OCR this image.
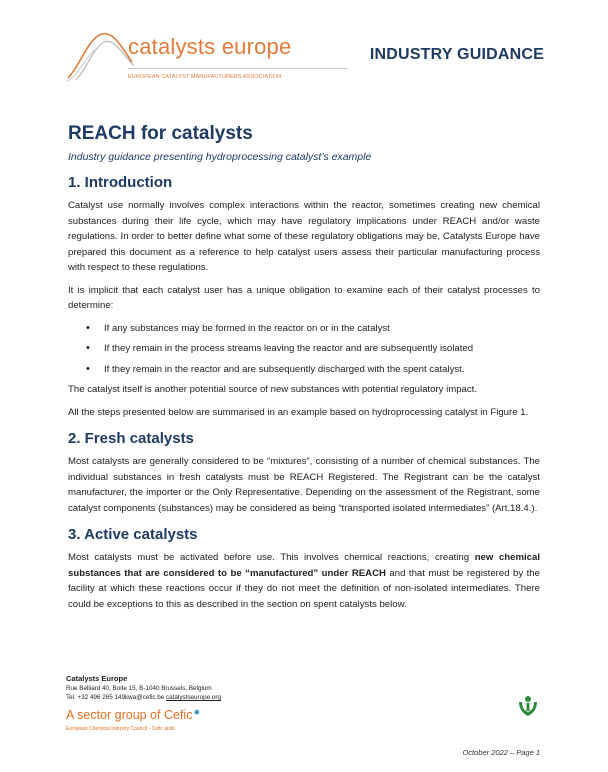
catalysts europe
EUROPEAN CATALYST MANUFACTURERS ASSOCIATION
INDUSTRY GUIDANCE
REACH for catalysts
Industry guidance presenting hydroprocessing catalyst’s example
1. Introduction

Catalyst use normally involves complex interactions within the reactor, sometimes creating new chemical substances during their life cycle, which may have regulatory implications under REACH and/or waste regulations. In order to better define what some of these regulatory obligations may be, Catalysts Europe have prepared this document as a reference to help catalyst users assess their particular manufacturing process with respect to these regulations.

It is implicit that each catalyst user has a unique obligation to examine each of their catalyst processes to determine:

• If any substances may be formed in the reactor on or in the catalyst
• If they remain in the process streams leaving the reactor and are subsequently isolated
• If they remain in the reactor and are subsequently discharged with the spent catalyst.

The catalyst itself is another potential source of new substances with potential regulatory impact.

All the steps presented below are summarised in an example based on hydroprocessing catalyst in Figure 1.

2. Fresh catalysts

Most catalysts are generally considered to be “mixtures”, consisting of a number of chemical substances. The individual substances in fresh catalysts must be REACH Registered. The Registrant can be the catalyst manufacturer, the importer or the Only Representative. Depending on the assessment of the Registrant, some catalyst components (substances) may be considered as being “transported isolated intermediates” (Art.18.4.).

3. Active catalysts

Most catalysts must be activated before use. This involves chemical reactions, creating new chemical substances that are considered to be “manufactured” under REACH and that must be registered by the facility at which these reactions occur if they do not meet the definition of non-isolated intermediates. There could be exceptions to this as described in the section on spent catalysts below.

Catalysts Europe
Rue Belliard 40, Boite 15, B-1040 Brussels, Belgium
Tel. +32 496 265 149kwa@cefic.be catalystseurope.org
A sector group of Cefic✸
European Chemical Industry Council - Cefic aisbl
October 2022 – Page 1
